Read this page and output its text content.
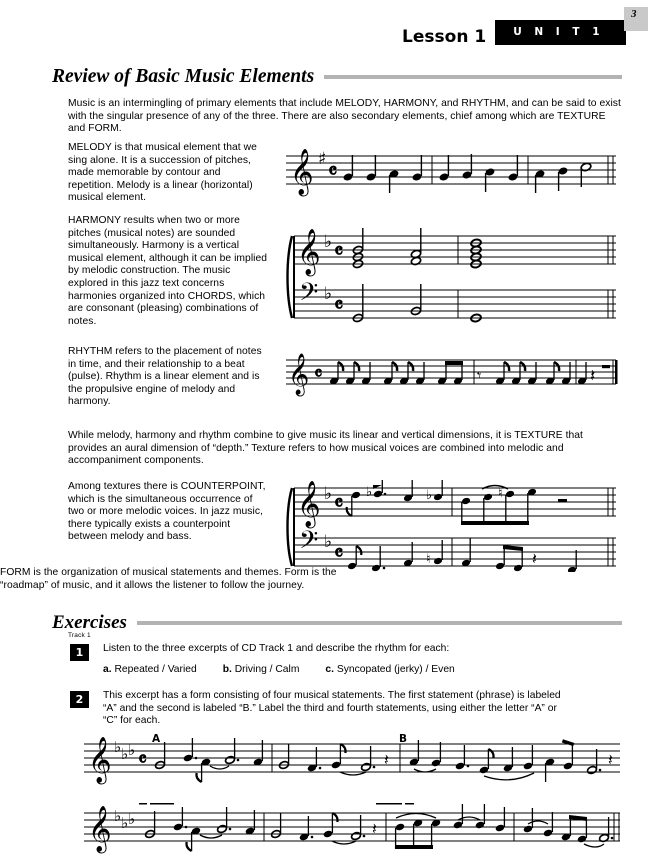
Lesson 1	U N I T 1
3
Review of Basic Music Elements
Music is an intermingling of primary elements that include MELODY, HARMONY, and RHYTHM, and can be said to exist with the singular presence of any of the three. There are also secondary elements, chief among which are TEXTURE and FORM.
MELODY is that musical element that we sing alone. It is a succession of pitches, made memorable by contour and repetition. Melody is a linear (horizontal) musical element.
HARMONY results when two or more pitches (musical notes) are sounded simultaneously. Harmony is a vertical musical element, although it can be implied by melodic construction. The music explored in this jazz text concerns harmonies organized into CHORDS, which are consonant (pleasing) combinations of notes.
RHYTHM refers to the placement of notes in time, and their relationship to a beat (pulse). Rhythm is a linear element and is the propulsive engine of melody and harmony.
While melody, harmony and rhythm combine to give music its linear and vertical dimensions, it is TEXTURE that provides an aural dimension of “depth.” Texture refers to how musical voices are combined into melodic and accompaniment components.
Among textures there is COUNTERPOINT, which is the simultaneous occurrence of two or more melodic voices. In jazz music, there typically exists a counterpoint between melody and bass.
FORM is the organization of musical statements and themes. Form is the “roadmap” of music, and it allows the listener to follow the journey.
𝄞 ♯ 𝄴
𝄞
𝄢
♭
♭
𝄴
𝄴
𝄞 𝄴	𝄾	𝄽
𝄞
𝄢
♭
♭
𝄴
𝄴
♭	♭
♮
♮
𝄽
Exercises
Track 1
1	Listen to the three excerpts of CD Track 1 and describe the rhythm for each:
a. Repeated / Varied	b. Driving / Calm	c. Syncopated (jerky) / Even
2	This excerpt has a form consisting of four musical statements. The first statement (phrase) is labeled “A” and the second is labeled “B.” Label the third and fourth statements, using either the letter “A” or “C” for each.
A	B
𝄞 ♭ ♭ ♭ 𝄴	𝄽	𝄽
𝄞 ♭ ♭ ♭	𝄽
